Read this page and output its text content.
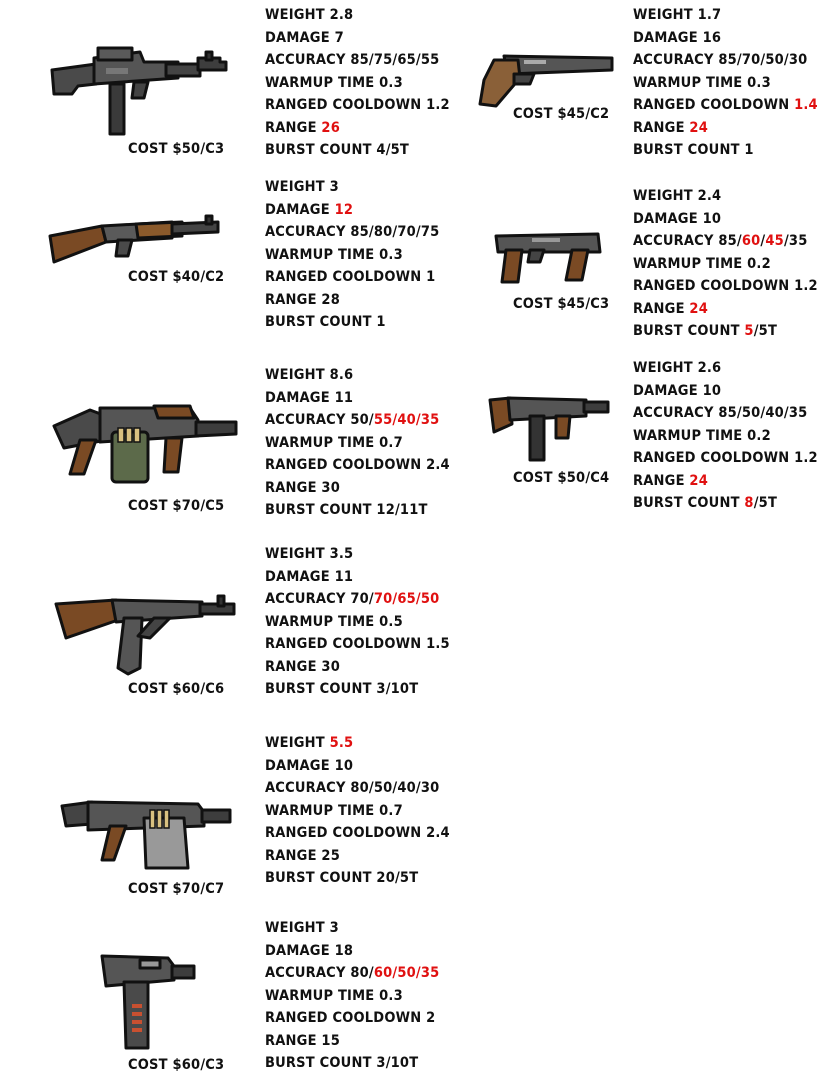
COST $50/C3
WEIGHT 2.8
DAMAGE 7
ACCURACY 85/75/65/55
WARMUP TIME 0.3
RANGED COOLDOWN 1.2
RANGE 26
BURST COUNT 4/5T
COST $40/C2
WEIGHT 3
DAMAGE 12
ACCURACY 85/80/70/75
WARMUP TIME 0.3
RANGED COOLDOWN 1
RANGE 28
BURST COUNT 1
COST $70/C5
WEIGHT 8.6
DAMAGE 11
ACCURACY 50/55/40/35
WARMUP TIME 0.7
RANGED COOLDOWN 2.4
RANGE 30
BURST COUNT 12/11T
COST $60/C6
WEIGHT 3.5
DAMAGE 11
ACCURACY 70/70/65/50
WARMUP TIME 0.5
RANGED COOLDOWN 1.5
RANGE 30
BURST COUNT 3/10T
COST $70/C7
WEIGHT 5.5
DAMAGE 10
ACCURACY 80/50/40/30
WARMUP TIME 0.7
RANGED COOLDOWN 2.4
RANGE 25
BURST COUNT 20/5T
COST $60/C3
WEIGHT 3
DAMAGE 18
ACCURACY 80/60/50/35
WARMUP TIME 0.3
RANGED COOLDOWN 2
RANGE 15
BURST COUNT 3/10T
COST $45/C2
WEIGHT 1.7
DAMAGE 16
ACCURACY 85/70/50/30
WARMUP TIME 0.3
RANGED COOLDOWN 1.4
RANGE 24
BURST COUNT 1
COST $45/C3
WEIGHT 2.4
DAMAGE 10
ACCURACY 85/60/45/35
WARMUP TIME 0.2
RANGED COOLDOWN 1.2
RANGE 24
BURST COUNT 5/5T
COST $50/C4
WEIGHT 2.6
DAMAGE 10
ACCURACY 85/50/40/35
WARMUP TIME 0.2
RANGED COOLDOWN 1.2
RANGE 24
BURST COUNT 8/5T
